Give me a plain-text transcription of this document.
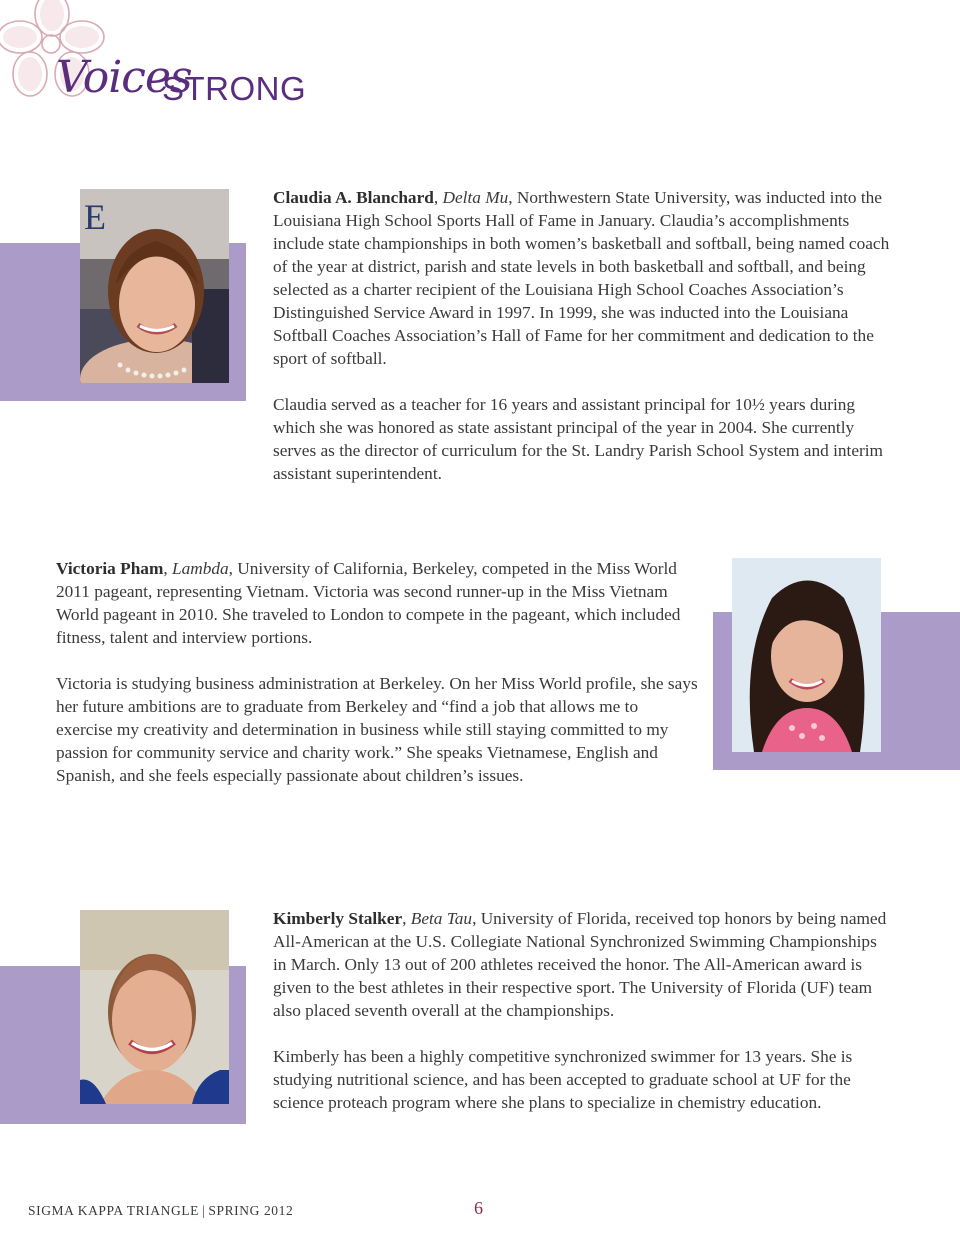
Voices
STRONG
E	Claudia A. Blanchard, Delta Mu, Northwestern State University, was inducted into the Louisiana High School Sports Hall of Fame in January. Claudia’s accomplishments include state championships in both women’s basketball and softball, being named coach of the year at district, parish and state levels in both basketball and softball, and being selected as a charter recipient of the Louisiana High School Coaches Association’s Distinguished Service Award in 1997. In 1999, she was inducted into the Louisiana Softball Coaches Association’s Hall of Fame for her commitment and dedication to the sport of softball.

Claudia served as a teacher for 16 years and assistant principal for 10½ years during which she was honored as state assistant principal of the year in 2004. She currently serves as the director of curriculum for the St. Landry Parish School System and interim assistant superintendent.

Victoria Pham, Lambda, University of California, Berkeley, competed in the Miss World 2011 pageant, representing Vietnam. Victoria was second runner-up in the Miss Vietnam World pageant in 2010. She traveled to London to compete in the pageant, which included fitness, talent and interview portions.

Victoria is studying business administration at Berkeley. On her Miss World profile, she says her future ambitions are to graduate from Berkeley and “find a job that allows me to exercise my creativity and determination in business while still staying committed to my passion for community service and charity work.” She speaks Vietnamese, English and Spanish, and she feels especially passionate about children’s issues.

Kimberly Stalker, Beta Tau, University of Florida, received top honors by being named All-American at the U.S. Collegiate National Synchronized Swimming Championships in March. Only 13 out of 200 athletes received the honor. The All-American award is given to the best athletes in their respective sport. The University of Florida (UF) team also placed seventh overall at the championships.

Kimberly has been a highly competitive synchronized swimmer for 13 years. She is studying nutritional science, and has been accepted to graduate school at UF for the science proteach program where she plans to specialize in chemistry education.

SIGMA KAPPA TRIANGLE | SPRING 2012	6
